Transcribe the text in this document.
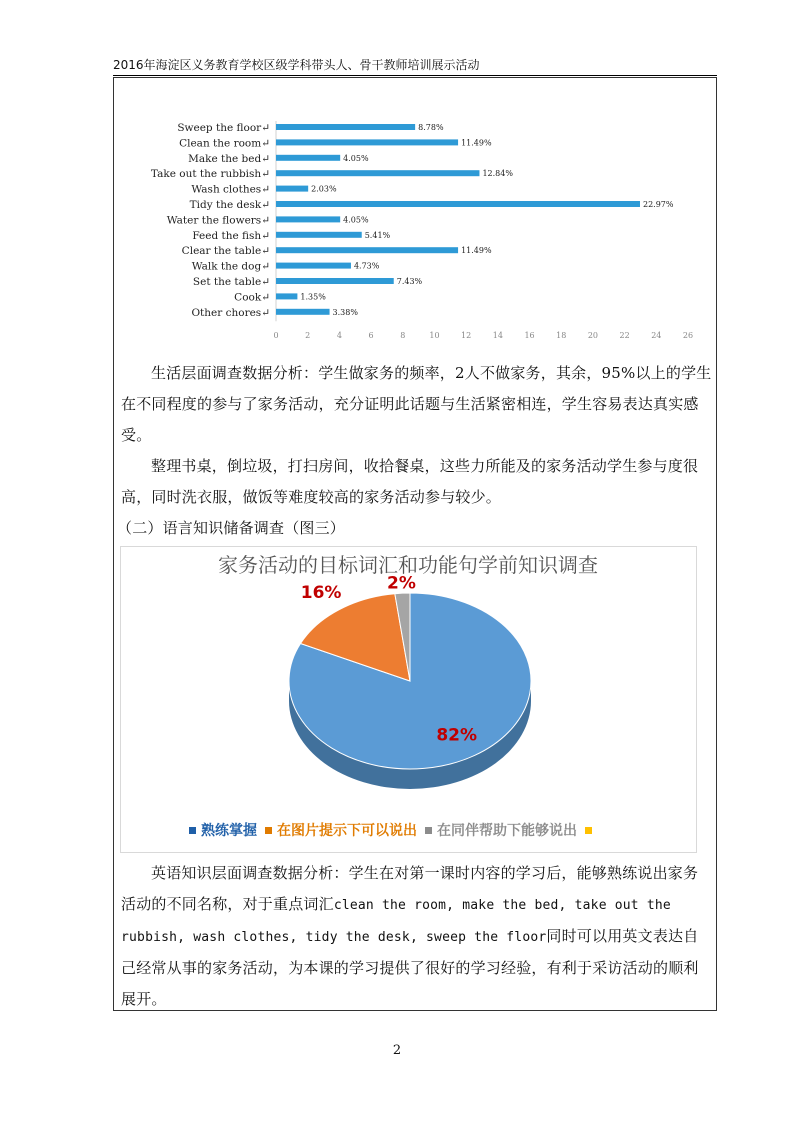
2016年海淀区义务教育学校区级学科带头人、骨干教师培训展示活动
Sweep the floor↵	8.78%
Clean the room↵	11.49%
Make the bed↵	4.05%
Take out the rubbish↵	12.84%
Wash clothes↵	2.03%
Tidy the desk↵	22.97%
Water the flowers↵	4.05%
Feed the fish↵	5.41%
Clear the table↵	11.49%
Walk the dog↵	4.73%
Set the table↵	7.43%
Cook↵	1.35%
Other chores↵	3.38%
0	2	4	6	8	10	12	14	16	18	20	22	24	26
生活层面调查数据分析：学生做家务的频率，2人不做家务，其余，95%以上的学生在不同程度的参与了家务活动，充分证明此话题与生活紧密相连，学生容易表达真实感受。
整理书桌，倒垃圾，打扫房间，收拾餐桌，这些力所能及的家务活动学生参与度很高，同时洗衣服，做饭等难度较高的家务活动参与较少。
（二）语言知识储备调查（图三）
家务活动的目标词汇和功能句学前知识调查
82%
16%	2%
熟练掌握 在图片提示下可以说出 在同伴帮助下能够说出
英语知识层面调查数据分析：学生在对第一课时内容的学习后，能够熟练说出家务活动的不同名称，对于重点词汇clean the room, make the bed, take out the rubbish, wash clothes, tidy the desk, sweep the floor同时可以用英文表达自己经常从事的家务活动，为本课的学习提供了很好的学习经验，有利于采访活动的顺利展开。
2
